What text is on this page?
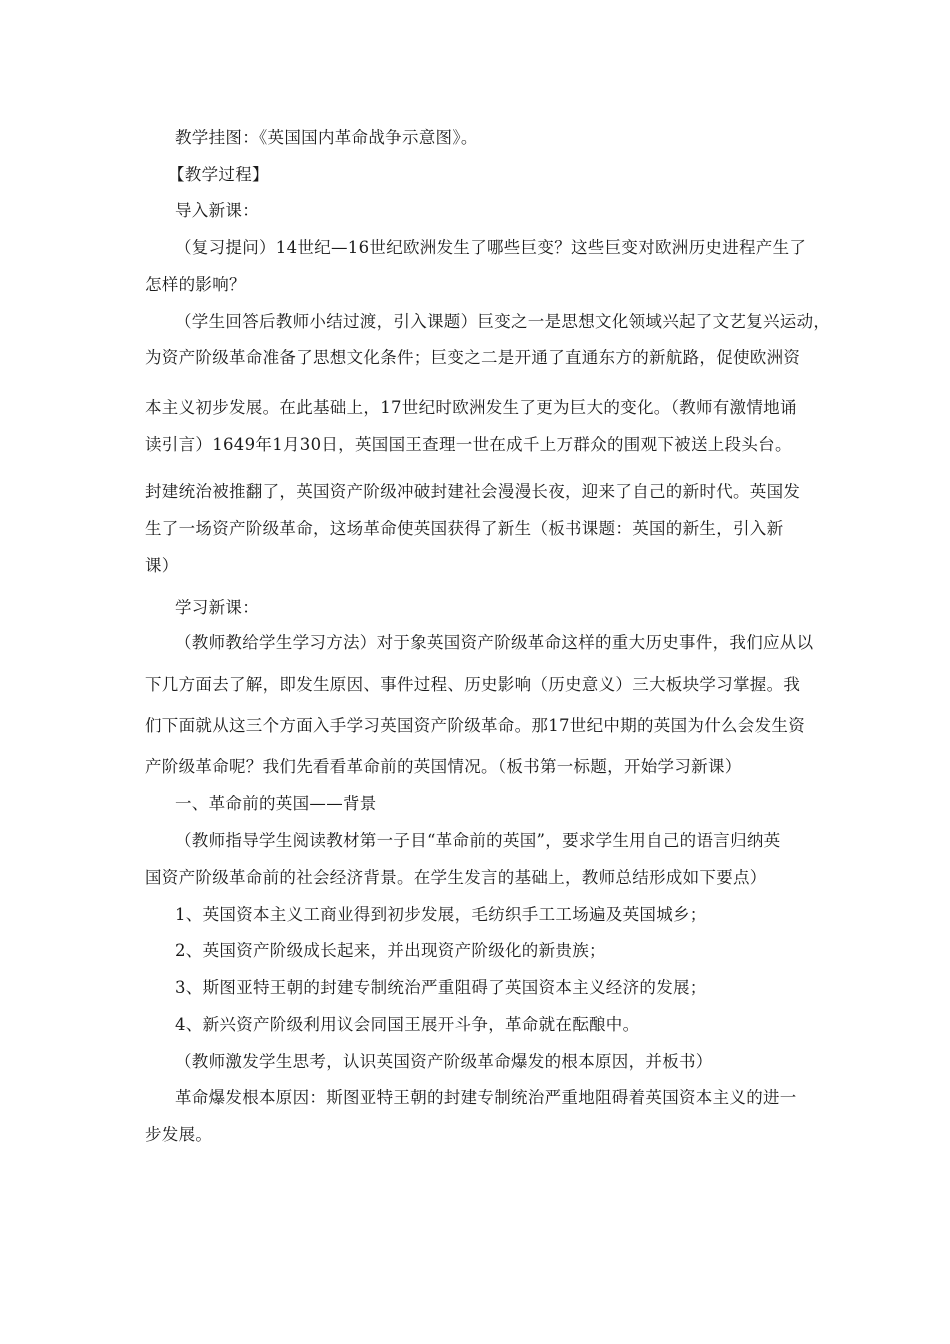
教学挂图：《英国国内革命战争示意图》。
【教学过程】
导入新课：
（复习提问）14世纪—16世纪欧洲发生了哪些巨变？这些巨变对欧洲历史进程产生了
怎样的影响？
（学生回答后教师小结过渡，引入课题）巨变之一是思想文化领域兴起了文艺复兴运动，
为资产阶级革命准备了思想文化条件；巨变之二是开通了直通东方的新航路，促使欧洲资
本主义初步发展。在此基础上，17世纪时欧洲发生了更为巨大的变化。（教师有激情地诵
读引言）1649年1月30日，英国国王查理一世在成千上万群众的围观下被送上段头台。
封建统治被推翻了，英国资产阶级冲破封建社会漫漫长夜，迎来了自己的新时代。英国发
生了一场资产阶级革命，这场革命使英国获得了新生（板书课题：英国的新生，引入新
课）
学习新课：
（教师教给学生学习方法）对于象英国资产阶级革命这样的重大历史事件，我们应从以
下几方面去了解，即发生原因、事件过程、历史影响（历史意义）三大板块学习掌握。我
们下面就从这三个方面入手学习英国资产阶级革命。那17世纪中期的英国为什么会发生资
产阶级革命呢？我们先看看革命前的英国情况。（板书第一标题，开始学习新课）
一、革命前的英国——背景
（教师指导学生阅读教材第一子目“革命前的英国”，要求学生用自己的语言归纳英
国资产阶级革命前的社会经济背景。在学生发言的基础上，教师总结形成如下要点）
1、英国资本主义工商业得到初步发展，毛纺织手工工场遍及英国城乡；
2、英国资产阶级成长起来，并出现资产阶级化的新贵族；
3、斯图亚特王朝的封建专制统治严重阻碍了英国资本主义经济的发展；
4、新兴资产阶级利用议会同国王展开斗争，革命就在酝酿中。
（教师激发学生思考，认识英国资产阶级革命爆发的根本原因，并板书）
革命爆发根本原因：斯图亚特王朝的封建专制统治严重地阻碍着英国资本主义的进一
步发展。
